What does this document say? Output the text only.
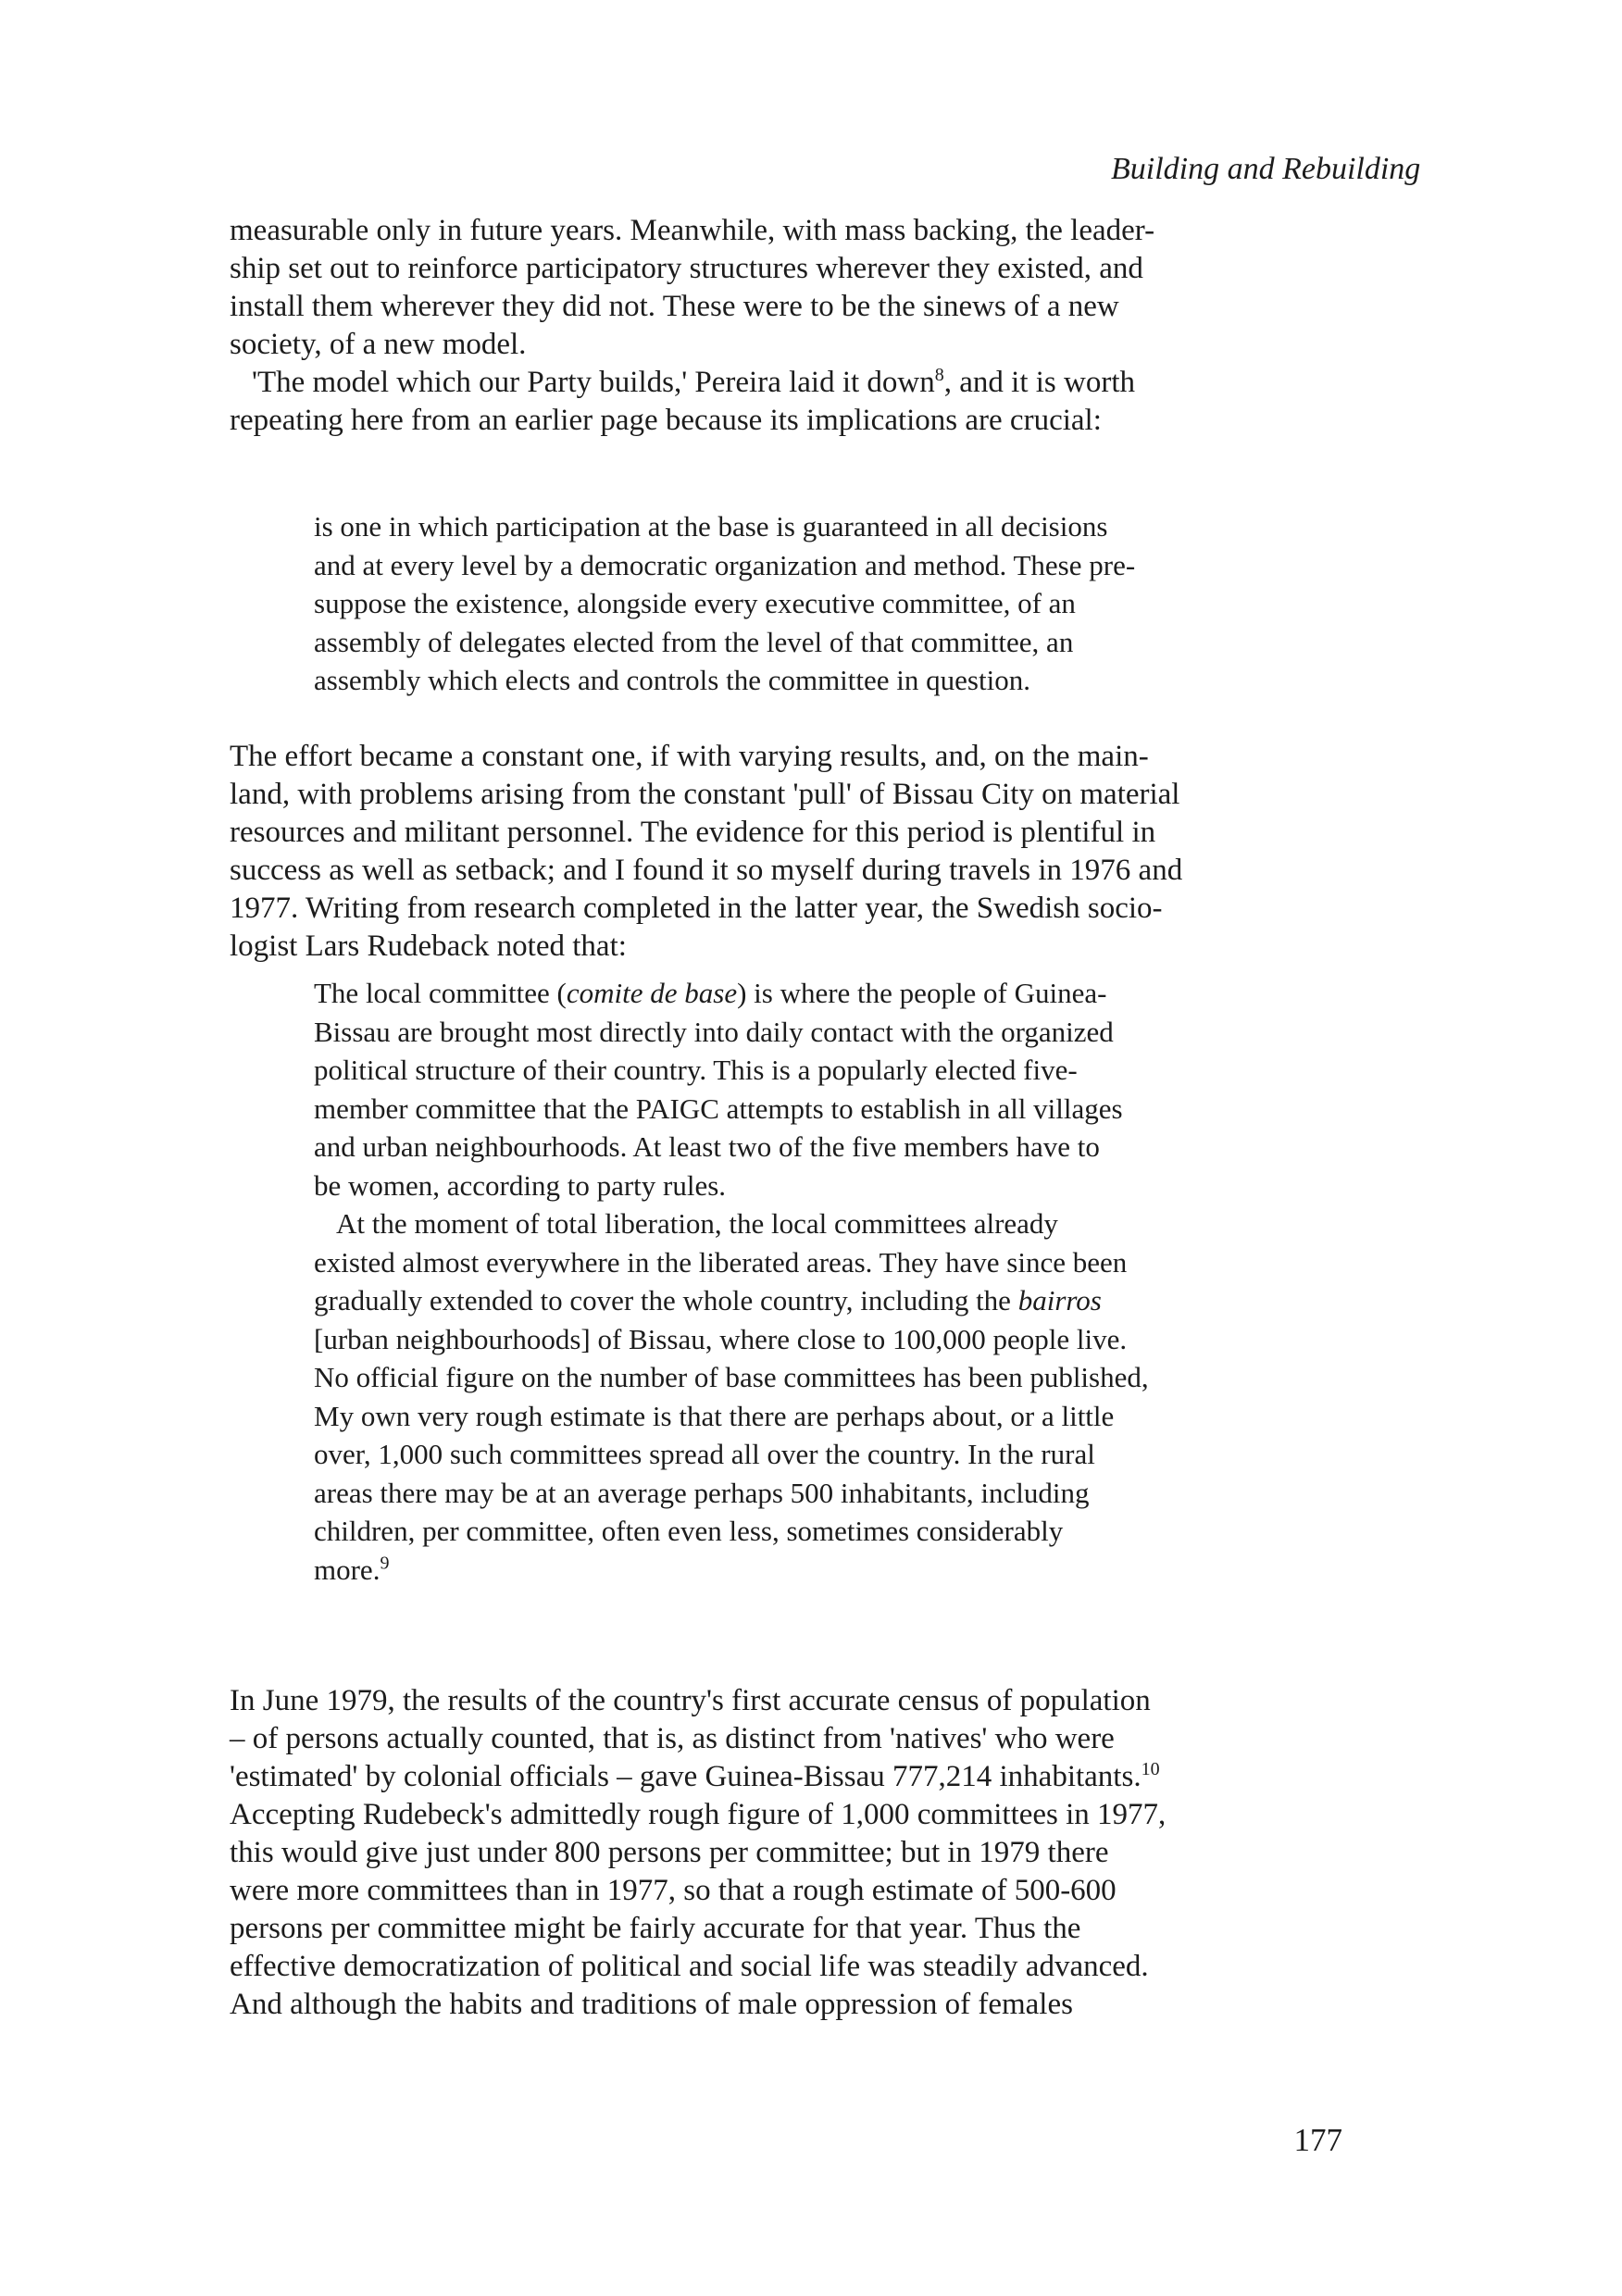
Building and Rebuilding
measurable only in future years. Meanwhile, with mass backing, the leader-
ship set out to reinforce participatory structures wherever they existed, and
install them wherever they did not. These were to be the sinews of a new
society, of a new model.
'The model which our Party builds,' Pereira laid it down$^8$, and it is worth
repeating here from an earlier page because its implications are crucial:
is one in which participation at the base is guaranteed in all decisions
and at every level by a democratic organization and method. These pre-
suppose the existence, alongside every executive committee, of an
assembly of delegates elected from the level of that committee, an
assembly which elects and controls the committee in question.
The effort became a constant one, if with varying results, and, on the main-
land, with problems arising from the constant 'pull' of Bissau City on material
resources and militant personnel. The evidence for this period is plentiful in
success as well as setback; and I found it so myself during travels in 1976 and
1977. Writing from research completed in the latter year, the Swedish socio-
logist Lars Rudeback noted that:
The local committee (comite de base) is where the people of Guinea-
Bissau are brought most directly into daily contact with the organized
political structure of their country. This is a popularly elected five-
member committee that the PAIGC attempts to establish in all villages
and urban neighbourhoods. At least two of the five members have to
be women, according to party rules.
At the moment of total liberation, the local committees already
existed almost everywhere in the liberated areas. They have since been
gradually extended to cover the whole country, including the bairros
[urban neighbourhoods] of Bissau, where close to 100,000 people live.
No official figure on the number of base committees has been published,
My own very rough estimate is that there are perhaps about, or a little
over, 1,000 such committees spread all over the country. In the rural
areas there may be at an average perhaps 500 inhabitants, including
children, per committee, often even less, sometimes considerably
more.$^9$
In June 1979, the results of the country's first accurate census of population
– of persons actually counted, that is, as distinct from 'natives' who were
'estimated' by colonial officials – gave Guinea-Bissau 777,214 inhabitants.$^{10}$
Accepting Rudebeck's admittedly rough figure of 1,000 committees in 1977,
this would give just under 800 persons per committee; but in 1979 there
were more committees than in 1977, so that a rough estimate of 500-600
persons per committee might be fairly accurate for that year. Thus the
effective democratization of political and social life was steadily advanced.
And although the habits and traditions of male oppression of females
177
